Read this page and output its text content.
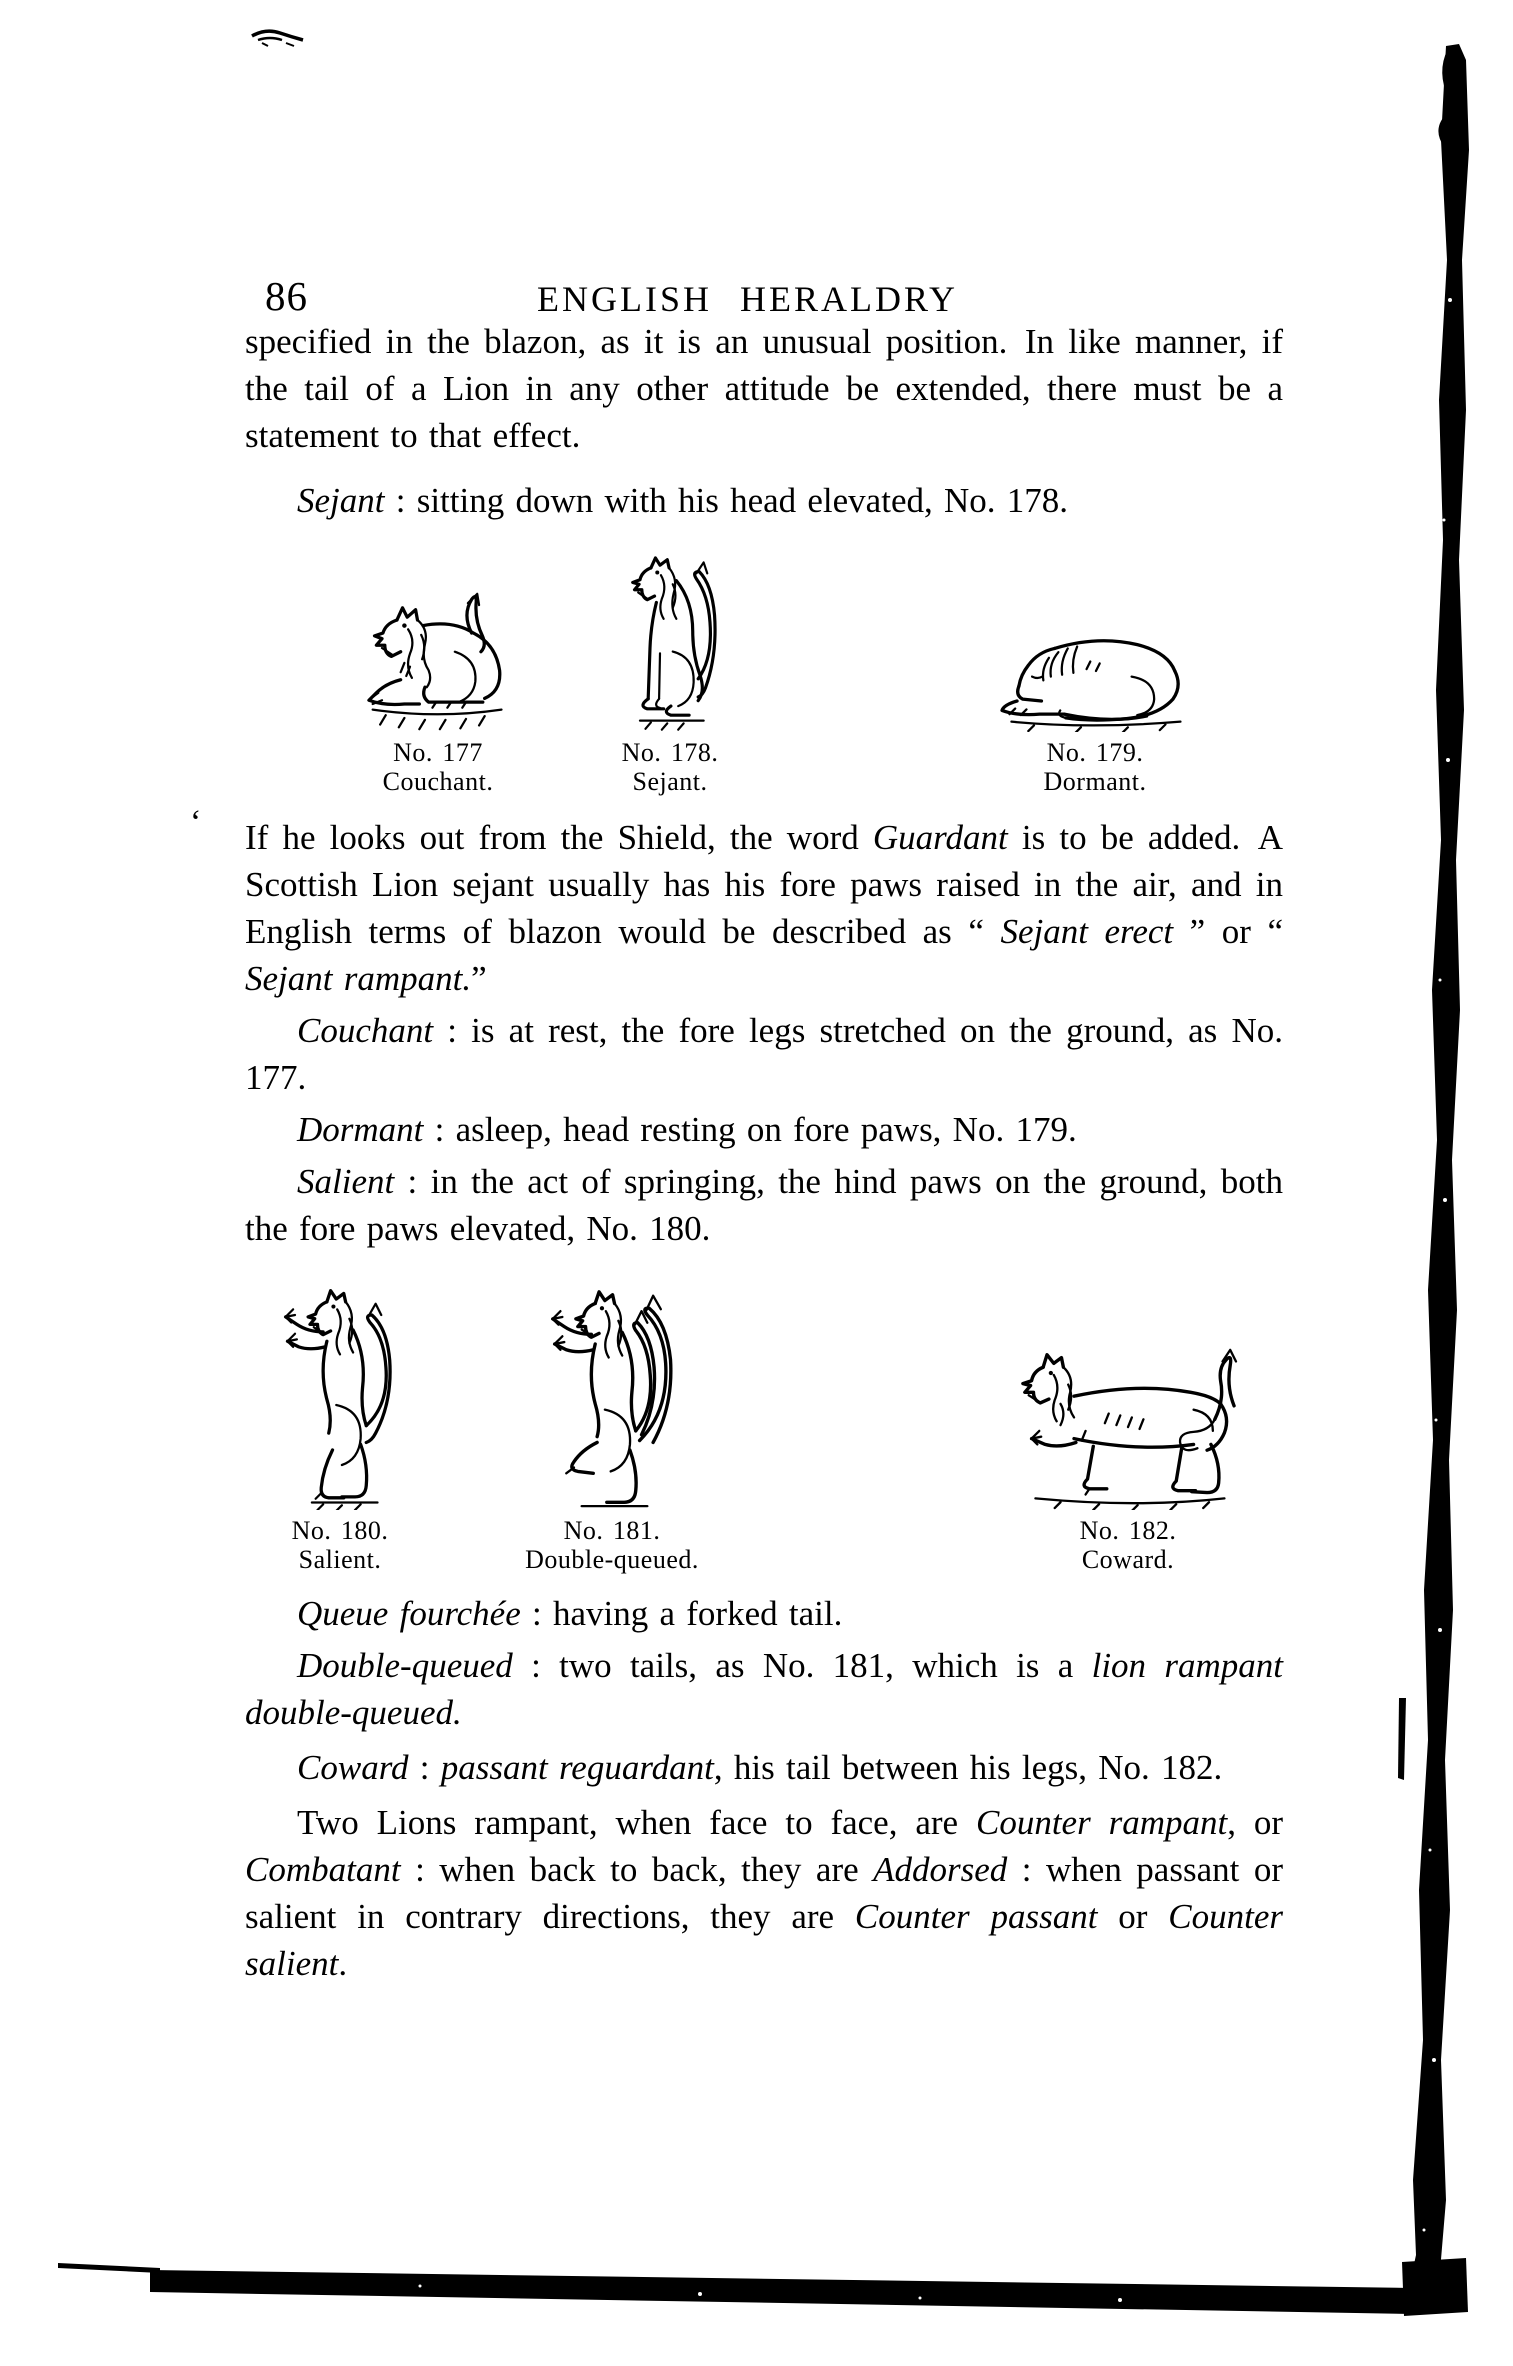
86	ENGLISH HERALDRY
‘

specified in the blazon, as it is an unusual position. In like manner, if the tail of a Lion in any other attitude be extended, there must be a statement to that effect.

Sejant : sitting down with his head elevated, No. 178.

No. 177
Couchant.
No. 178.
Sejant.
No. 179.
Dormant.

If he looks out from the Shield, the word Guardant is to be added. A Scottish Lion sejant usually has his fore paws raised in the air, and in English terms of blazon would be described as “ Sejant erect ” or “ Sejant rampant.”

Couchant : is at rest, the fore legs stretched on the ground, as No. 177.

Dormant : asleep, head resting on fore paws, No. 179.

Salient : in the act of springing, the hind paws on the ground, both the fore paws elevated, No. 180.

No. 180.
Salient.
No. 181.
Double-queued.
No. 182.
Coward.

Queue fourchée : having a forked tail.

Double-queued : two tails, as No. 181, which is a lion rampant double-queued.

Coward : passant reguardant, his tail between his legs, No. 182.

Two Lions rampant, when face to face, are Counter rampant, or Combatant : when back to back, they are Addorsed : when passant or salient in contrary directions, they are Counter passant or Counter salient.
